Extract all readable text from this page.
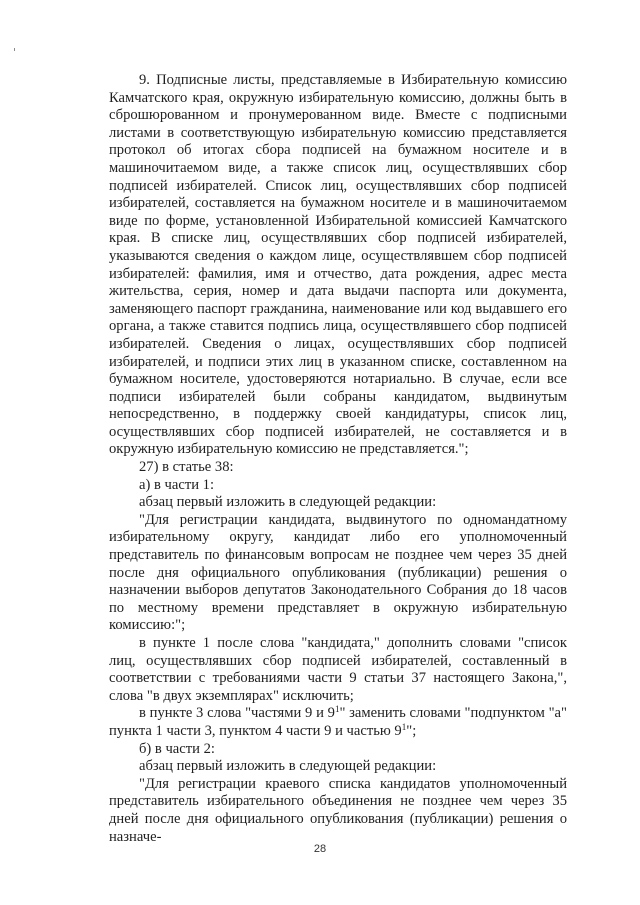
9. Подписные листы, представляемые в Избирательную комиссию Камчатского края, окружную избирательную комиссию, должны быть в сброшюрованном и пронумерованном виде. Вместе с подписными листами в соответствующую избирательную комиссию представляется протокол об итогах сбора подписей на бумажном носителе и в машиночитаемом виде, а также список лиц, осуществлявших сбор подписей избирателей. Список лиц, осуществлявших сбор подписей избирателей, составляется на бумажном носителе и в машиночитаемом виде по форме, установленной Избирательной комиссией Камчатского края. В списке лиц, осуществлявших сбор подписей избирателей, указываются сведения о каждом лице, осуществлявшем сбор подписей избирателей: фамилия, имя и отчество, дата рождения, адрес места жительства, серия, номер и дата выдачи паспорта или документа, заменяющего паспорт гражданина, наименование или код выдавшего его органа, а также ставится подпись лица, осуществлявшего сбор подписей избирателей. Сведения о лицах, осуществлявших сбор подписей избирателей, и подписи этих лиц в указанном списке, составленном на бумажном носителе, удостоверяются нотариально. В случае, если все подписи избирателей были собраны кандидатом, выдвинутым непосредственно, в поддержку своей кандидатуры, список лиц, осуществлявших сбор подписей избирателей, не составляется и в окружную избирательную комиссию не представляется.";

27) в статье 38:

а) в части 1:

абзац первый изложить в следующей редакции:

"Для регистрации кандидата, выдвинутого по одномандатному избирательному округу, кандидат либо его уполномоченный представитель по финансовым вопросам не позднее чем через 35 дней после дня официального опубликования (публикации) решения о назначении выборов депутатов Законодательного Собрания до 18 часов по местному времени представляет в окружную избирательную комиссию:";

в пункте 1 после слова "кандидата," дополнить словами "список лиц, осуществлявших сбор подписей избирателей, составленный в соответствии с требованиями части 9 статьи 37 настоящего Закона,", слова "в двух экземплярах" исключить;

в пункте 3 слова "частями 9 и $9^1$" заменить словами "подпунктом "а" пункта 1 части 3, пунктом 4 части 9 и частью $9^1$";

б) в части 2:

абзац первый изложить в следующей редакции:

"Для регистрации краевого списка кандидатов уполномоченный представитель избирательного объединения не позднее чем через 35 дней после дня официального опубликования (публикации) решения о назначе-

28
